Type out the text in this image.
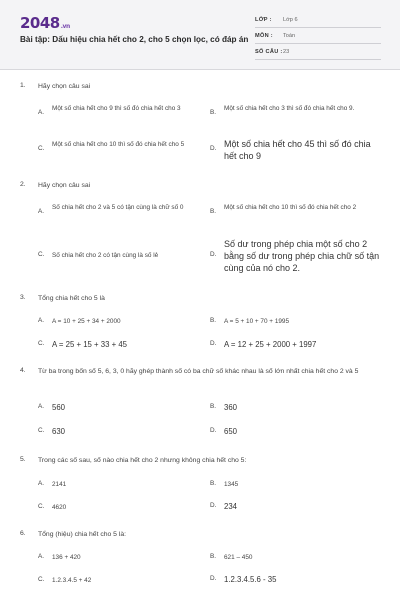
2048.vn
Bài tập: Dấu hiệu chia hết cho 2, cho 5 chọn lọc, có đáp án
LỚP : Lớp 6
MÔN : Toán
SỐ CÂU : 23
1. Hãy chọn câu sai
A.
Một số chia hết cho 9 thì số đó chia hết cho 3
B.
Một số chia hết cho 3 thì số đó chia hết cho 9.
C.
Một số chia hết cho 10 thì số đó chia hết cho 5
D. Một số chia hết cho 45 thì số đó chia hết cho 9
2. Hãy chọn câu sai
A.
Số chia hết cho 2 và 5 có tận cùng là chữ số 0
B.
Một số chia hết cho 10 thì số đó chia hết cho 2
C.	Số chia hết cho 2 có tận cùng là số lẻ	D.
Số dư trong phép chia một số cho 2 bằng số dư trong phép chia chữ số tận cùng của nó cho 2.
3. Tổng chia hết cho 5 là
A.	A = 10 + 25 + 34 + 2000	B.	A = 5 + 10 + 70 + 1995
C. A = 25 + 15 + 33 + 45	D. A = 12 + 25 + 2000 + 1997
4. Từ ba trong bốn số 5, 6, 3, 0 hãy ghép thành số có ba chữ số khác nhau là số lớn nhất chia hết cho 2 và 5
A.	560	B.	360
C. 630	D. 650
5. Trong các số sau, số nào chia hết cho 2 nhưng không chia hết cho 5:
A.	2141	B.	1345
C.	4620	D. 234
6. Tổng (hiệu) chia hết cho 5 là:
A.	136 + 420	B.	621 – 450
C.	1.2.3.4.5 + 42	D. 1.2.3.4.5.6 - 35
